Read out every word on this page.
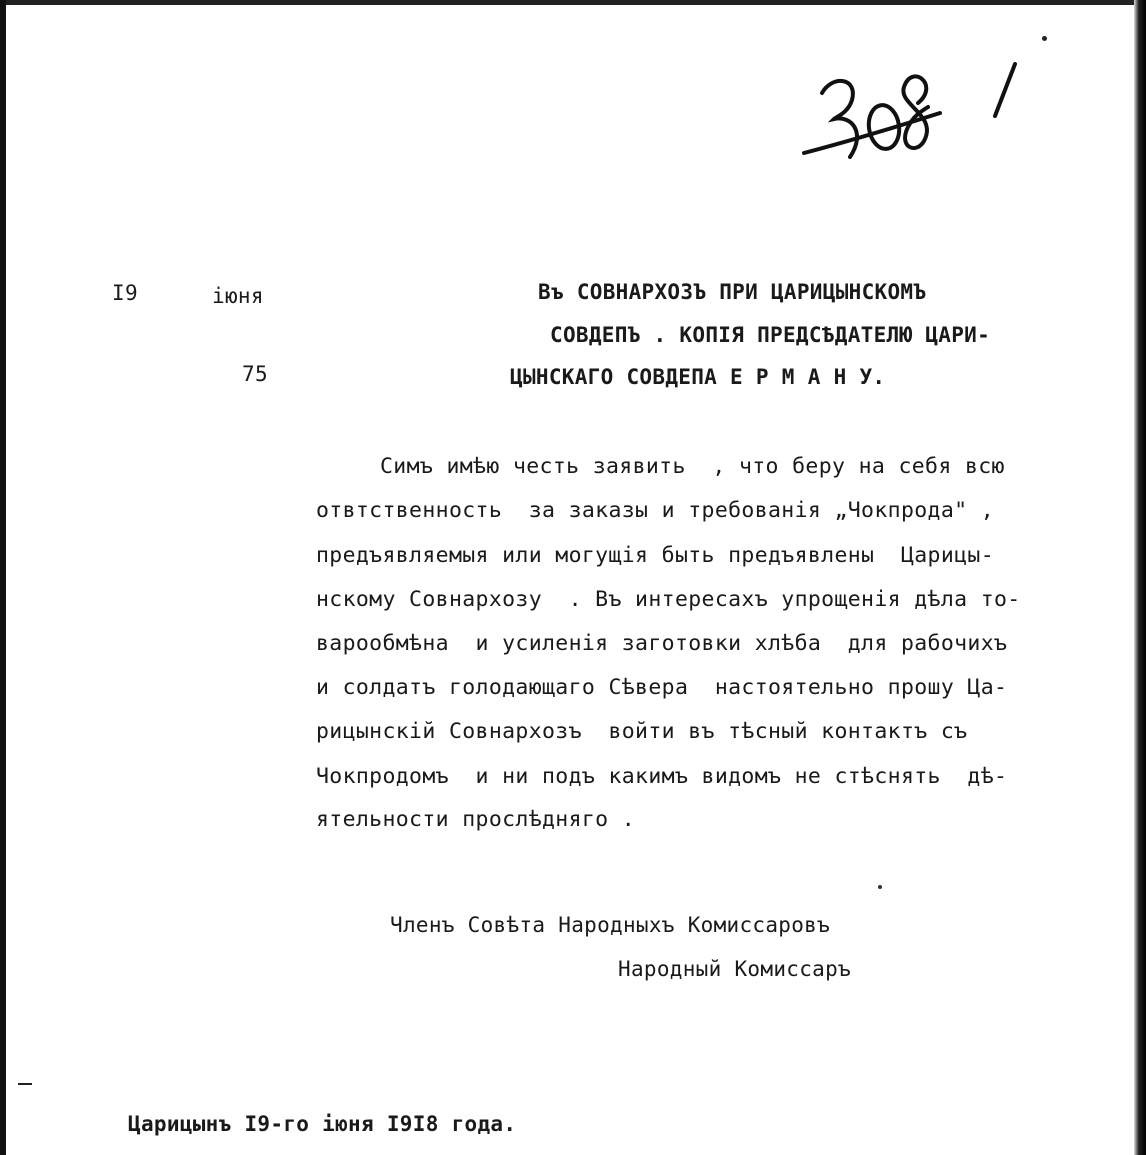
I9	iюня
75
Въ СОВНАРХОЗЪ ПРИ ЦАРИЦЫНСКОМЪ
СОВДЕПЪ . КОПIЯ ПРЕДСѢДАТЕЛЮ ЦАРИ-
ЦЫНСКАГО СОВДЕПА Е Р М А Н У.
Симъ имѣю честь заявить  , что беру на себя всю
отвтственность  за заказы и требованiя „Чокпрода" ,
предъявляемыя или могущiя быть предъявлены  Царицы-
нскому Совнархозу  . Въ интересахъ упрощенiя дѣла то-
варообмѣна  и усиленiя заготовки хлѣба  для рабочихъ
и солдатъ голодающаго Сѣвера  настоятельно прошу Ца-
рицынскiй Совнархозъ  войти въ тѣсный контактъ съ
Чокпродомъ  и ни подъ какимъ видомъ не стѣснять  дѣ-
ятельности прослѣдняго .
Членъ Совѣта Народныхъ Комиссаровъ
Народный Комиссаръ
Царицынъ I9-го iюня I9I8 года.
